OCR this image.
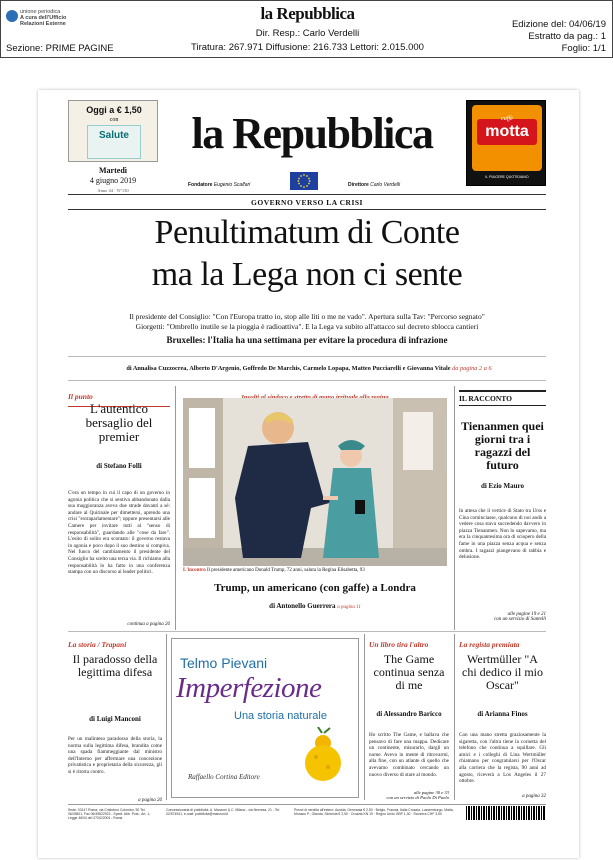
unione periodica
A cura dell'Ufficio Relazioni Esterne
Sezione: PRIME PAGINE
la Repubblica
Dir. Resp.: Carlo Verdelli
Tiratura: 267.971 Diffusione: 216.733 Lettori: 2.015.000
Edizione del: 04/06/19
Estratto da pag.: 1
Foglio: 1/1
Oggi a € 1,50
con
Salute
Martedì
4 giugno 2019
Anno 44 · N°130
la Repubblica
Fondatore Eugenio Scalfari	Direttore Carlo Verdelli
caffè
motta
IL PIACERE QUOTIDIANO
GOVERNO VERSO LA CRISI
Penultimatum di Conte
ma la Lega non ci sente
Il presidente del Consiglio: "Con l'Europa tratto io, stop alle liti o me ne vado". Apertura sulla Tav: "Percorso segnato"
Giorgetti: "Ombrello inutile se la pioggia è radioattiva". E la Lega va subito all'attacco sul decreto sblocca cantieri
Bruxelles: l'Italia ha una settimana per evitare la procedura di infrazione
di Annalisa Cuzzocrea, Alberto D'Argenio, Goffredo De Marchis, Carmelo Lopapa, Matteo Pucciarelli e Giovanna Vitale da pagina 2 a 6
Il punto
L'autentico bersaglio del premier
di Stefano Folli
C'era un tempo in cui il capo di un governo in agonia politica che si sentiva abbandonato dalla sua maggioranza aveva due strade davanti a sé: andare al Quirinale per dimettersi, aprendo una crisi "extraparlamentare"; oppure presentarsi alle Camere per invitare tutti al "senso di responsabilità", guardando alle "cose da fare". L'esito di solito era scontato: il governo restava in agonia e poco dopo il suo destino si compiva. Nel fuoco del cambiamento il presidente del Consiglio ha scelto una terza via. Il richiamo alla responsabilità lo ha fatto in una conferenza stampa con un discorso ai leader politici.
continua a pagina 26
L'incontro Il presidente americano Donald Trump, 72 anni, saluta la Regina Elisabetta, 93
Trump, un americano (con gaffe) a Londra
di Antonello Guerrera a pagina 11
IL RACCONTO
Tienanmen quei giorni tra i ragazzi del futuro
di Ezio Mauro
In attesa che il vertice di Stato tra Urss e Cina cominciasse, qualcuno di noi andò a vedere cosa stava succedendo davvero in piazza Tienanmen. Non lo sapevamo, ma era la cinquantesima ora di sciopero della fame in una piazza senza acqua e senza ombra. I ragazzi piangevano di rabbia e delusione.
alle pagine 19 e 21
con un servizio di Santelli
La storia / Trapani
Il paradosso della legittima difesa
di Luigi Manconi
Per un malinteso paradosso della storia, la norma sulla legittima difesa, brandita come una spada fiammeggiante dal ministro dell'Interno per affermare una concezione privatistica e proprietaria della sicurezza, gli si è ritorta contro.
a pagina 26
Telmo Pievani
Imperfezione
Una storia naturale
Raffaello Cortina Editore
Un libro tira l'altro
The Game continua senza di me
di Alessandro Baricco
Ho scritto The Game, e ballava che pensavo di fare una mappa. Dedicare un continente, misurarlo, darglì un nome. Avevo in mente di ritrovarmi, alla fine, con un atlante di quello che avevamo combinato cercando un nuovo diverso di stare al mondo.
alle pagine 30 e 33
con un servizio di Paolo Di Paolo
La regista premiata
Wertmüller "A chi dedico il mio Oscar"
di Arianna Finos
Con una mano stretta graziosamente la sigaretta, con l'altra tiene la cornetta del telefono che continua a squillare. Gli amici e i colleghi di Lina Wertmüller chiamano per congratularsi per l'Oscar alla carriera che la regista, 90 anni ad agosto, riceverà a Los Angeles il 27 ottobre.
a pagina 32
Sede: 00147 Roma, via Cristoforo Colombo, 90 Tel. 06/49821, Fax 06/49822923 - Spedi. Abb. Post., Art. 1, Legge 46/04 del 27/02/2004 - Roma
Concessionaria di pubblicità: A. Manzoni & C. Milano - via Nervesa, 21 - Tel. 02/574941, e-mail: pubblicita@manzoni.it
Prezzi di vendita all'estero: Austria, Germania € 2,50 · Belgio, Francia, Italia Croazia, Lussemburgo, Malta, Monaco P., Olanda, Slovenia € 2,50 · Croazia KN 19 · Regno Unito GBP 1,30 · Svizzera CHF 3,50
